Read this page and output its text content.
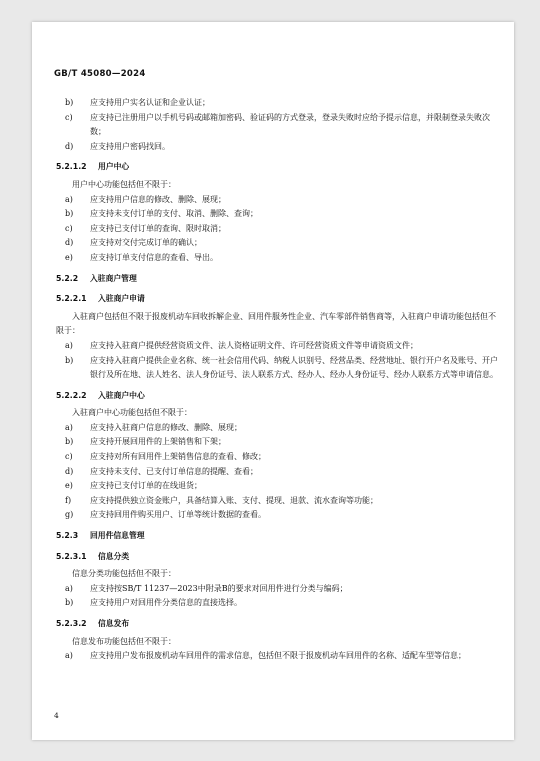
GB/T 45080—2024
b) 应支持用户实名认证和企业认证；
c) 应支持已注册用户以手机号码或邮箱加密码、验证码的方式登录，登录失败时应给予提示信息，并限制登录失败次数；
d) 应支持用户密码找回。
5.2.1.2 用户中心
用户中心功能包括但不限于：
a) 应支持用户信息的修改、删除、展现；
b) 应支持未支付订单的支付、取消、删除、查询；
c) 应支持已支付订单的查询、限时取消；
d) 应支持对交付完成订单的确认；
e) 应支持订单支付信息的查看、导出。
5.2.2 入驻商户管理
5.2.2.1 入驻商户申请
入驻商户包括但不限于报废机动车回收拆解企业、回用件服务性企业、汽车零部件销售商等，入驻商户申请功能包括但不限于：
a) 应支持入驻商户提供经营资质文件、法人资格证明文件、许可经营资质文件等申请资质文件；
b) 应支持入驻商户提供企业名称、统一社会信用代码、纳税人识别号、经营品类、经营地址、银行开户名及账号、开户银行及所在地、法人姓名、法人身份证号、法人联系方式、经办人、经办人身份证号、经办人联系方式等申请信息。
5.2.2.2 入驻商户中心
入驻商户中心功能包括但不限于：
a) 应支持入驻商户信息的修改、删除、展现；
b) 应支持开展回用件的上架销售和下架；
c) 应支持对所有回用件上架销售信息的查看、修改；
d) 应支持未支付、已支付订单信息的提醒、查看；
e) 应支持已支付订单的在线退货；
f) 应支持提供独立资金账户，具备结算入账、支付、提现、退款、流水查询等功能；
g) 应支持回用件购买用户、订单等统计数据的查看。
5.2.3 回用件信息管理
5.2.3.1 信息分类
信息分类功能包括但不限于：
a) 应支持按SB/T 11237—2023中附录B的要求对回用件进行分类与编码；
b) 应支持用户对回用件分类信息的直接选择。
5.2.3.2 信息发布
信息发布功能包括但不限于：
a) 应支持用户发布报废机动车回用件的需求信息，包括但不限于报废机动车回用件的名称、适配车型等信息；
4
